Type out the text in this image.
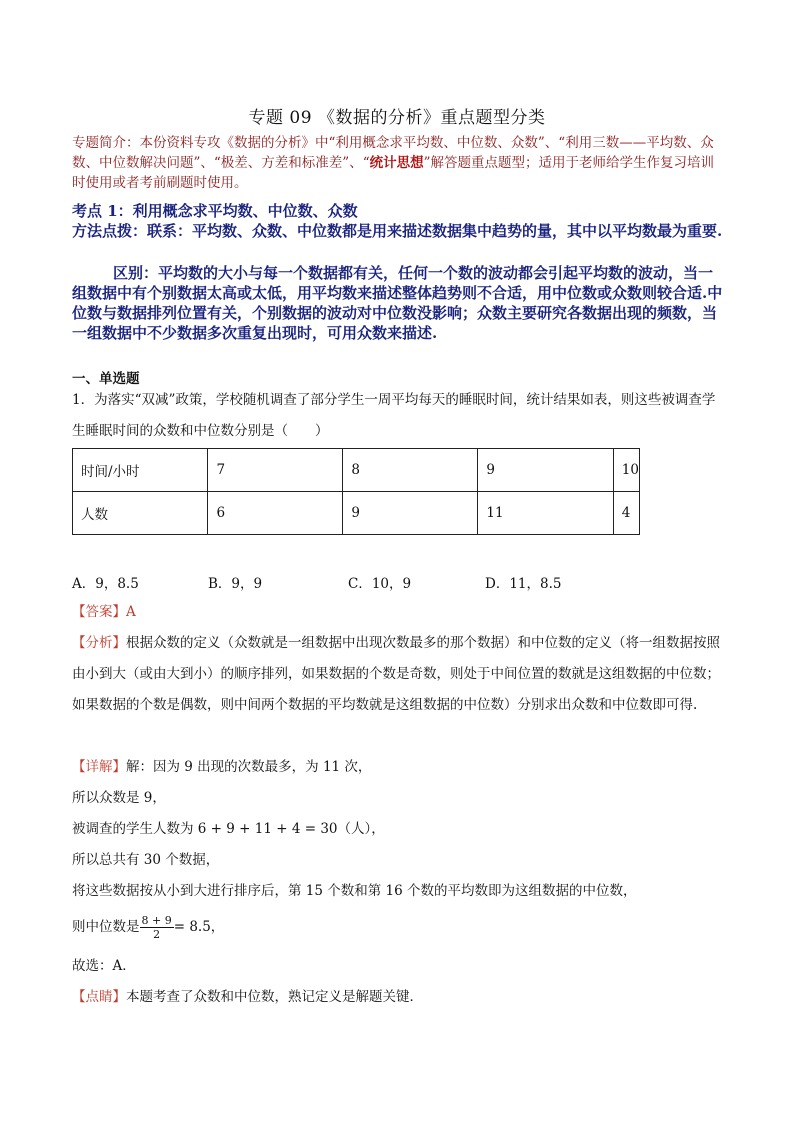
专题 09 《数据的分析》重点题型分类
专题简介：本份资料专攻《数据的分析》中“利用概念求平均数、中位数、众数”、“利用三数——平均数、众数、中位数解决问题”、“极差、方差和标准差”、“统计思想”解答题重点题型；适用于老师给学生作复习培训时使用或者考前刷题时使用。
考点 1：利用概念求平均数、中位数、众数
方法点拨：联系：平均数、众数、中位数都是用来描述数据集中趋势的量，其中以平均数最为重要.
区别：平均数的大小与每一个数据都有关，任何一个数的波动都会引起平均数的波动，当一组数据中有个别数据太高或太低，用平均数来描述整体趋势则不合适，用中位数或众数则较合适.中位数与数据排列位置有关，个别数据的波动对中位数没影响；众数主要研究各数据出现的频数，当一组数据中不少数据多次重复出现时，可用众数来描述.
一、单选题
1．为落实“双减”政策，学校随机调查了部分学生一周平均每天的睡眠时间，统计结果如表，则这些被调查学生睡眠时间的众数和中位数分别是（　　）
时间/小时	7	8	9	10
人数	6	9	11	4
A．9，8.5	B．9，9	C．10，9	D．11，8.5
【答案】A
【分析】根据众数的定义（众数就是一组数据中出现次数最多的那个数据）和中位数的定义（将一组数据按照由小到大（或由大到小）的顺序排列，如果数据的个数是奇数，则处于中间位置的数就是这组数据的中位数；如果数据的个数是偶数，则中间两个数据的平均数就是这组数据的中位数）分别求出众数和中位数即可得.
【详解】解：因为 9 出现的次数最多，为 11 次，
所以众数是 9，
被调查的学生人数为 6 + 9 + 11 + 4 = 30（人），
所以总共有 30 个数据，
将这些数据按从小到大进行排序后，第 15 个数和第 16 个数的平均数即为这组数据的中位数，
则中位数是 $\frac{8 + 9}{2} = 8.5$，
故选：A．
【点睛】本题考查了众数和中位数，熟记定义是解题关键．
